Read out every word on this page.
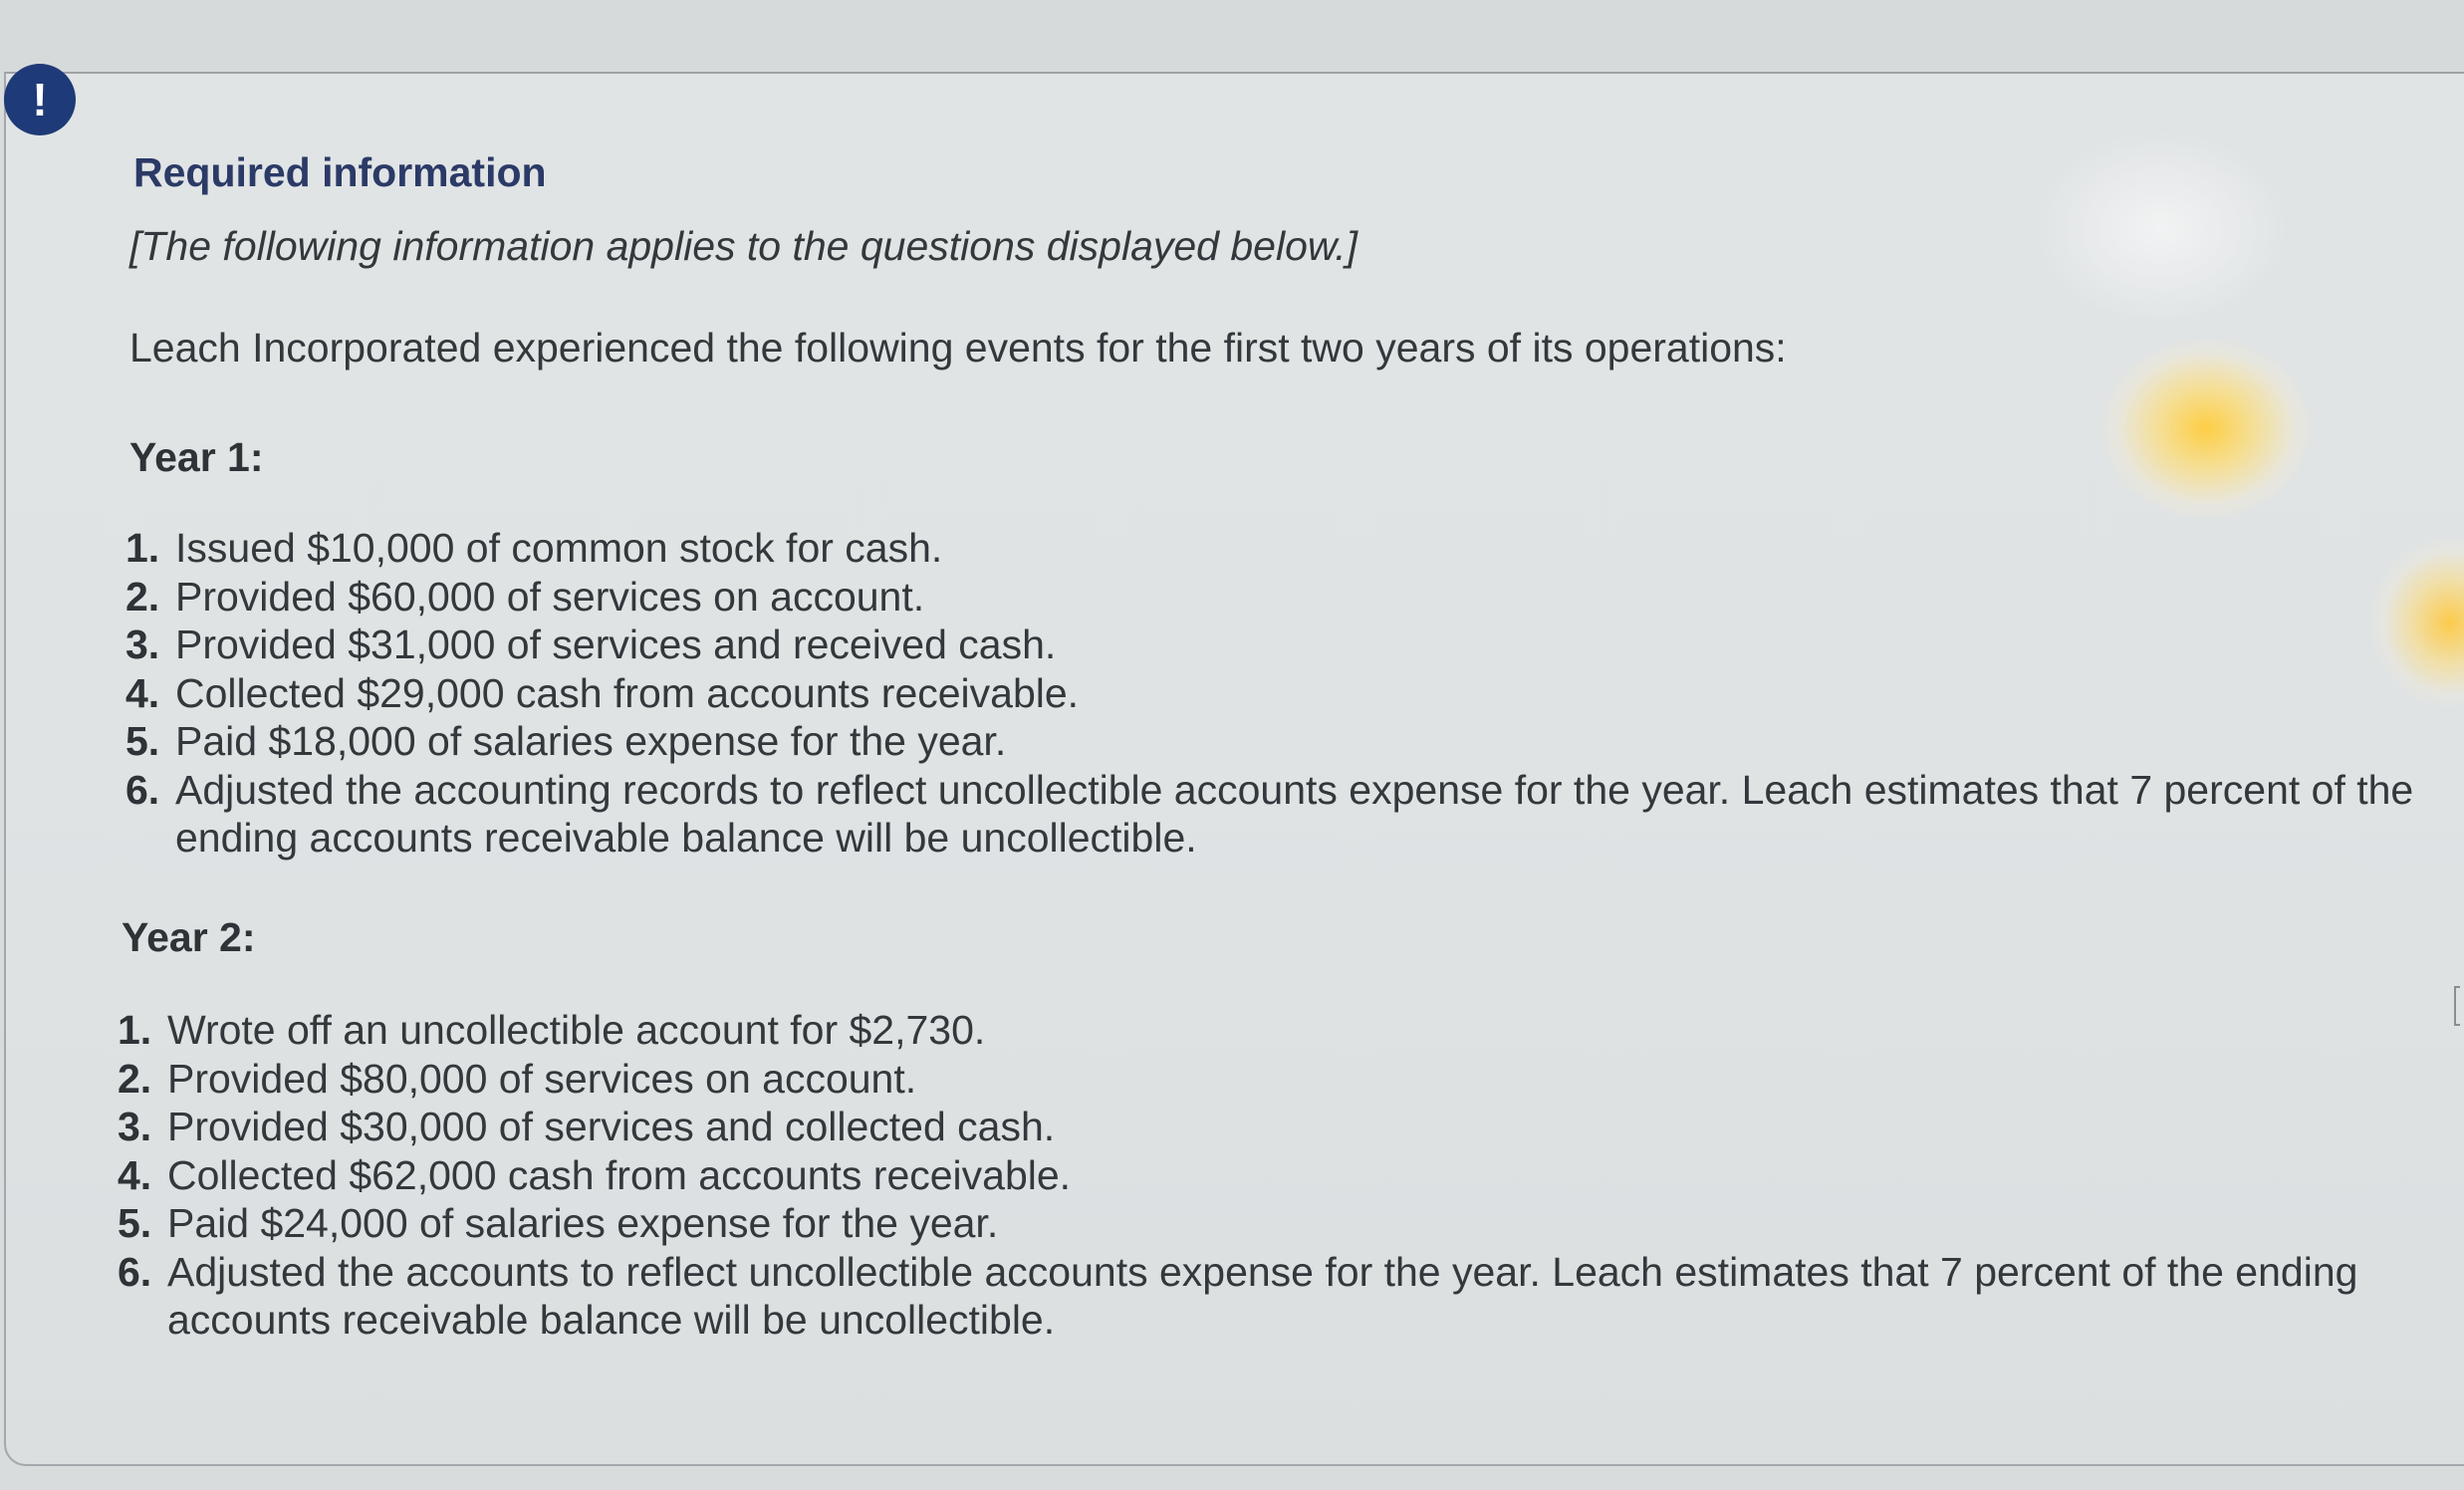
!
Required information

[The following information applies to the questions displayed below.]

Leach Incorporated experienced the following events for the first two years of its operations:

Year 1:

1. Issued $10,000 of common stock for cash.
2. Provided $60,000 of services on account.
3. Provided $31,000 of services and received cash.
4. Collected $29,000 cash from accounts receivable.
5. Paid $18,000 of salaries expense for the year.
6. Adjusted the accounting records to reflect uncollectible accounts expense for the year. Leach estimates that 7 percent of the ending accounts receivable balance will be uncollectible.

Year 2:

1. Wrote off an uncollectible account for $2,730.
2. Provided $80,000 of services on account.
3. Provided $30,000 of services and collected cash.
4. Collected $62,000 cash from accounts receivable.
5. Paid $24,000 of salaries expense for the year.
6. Adjusted the accounts to reflect uncollectible accounts expense for the year. Leach estimates that 7 percent of the ending accounts receivable balance will be uncollectible.
